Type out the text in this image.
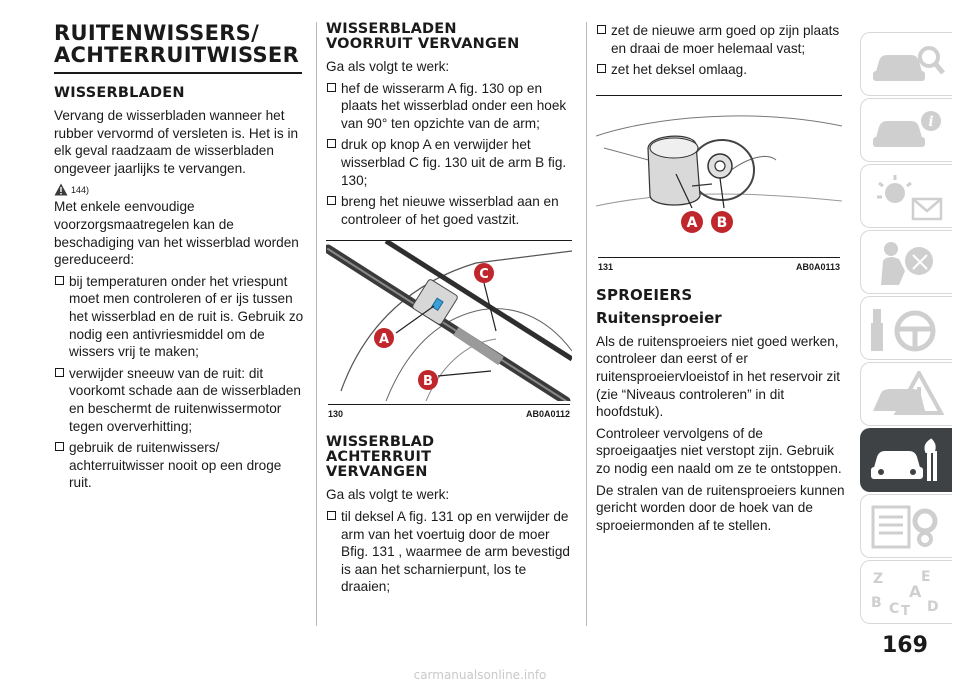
RUITENWISSERS/
ACHTERRUITWISSER
WISSERBLADEN

Vervang de wisserbladen wanneer het rubber vervormd of versleten is. Het is in elk geval raadzaam de wisserbladen ongeveer jaarlijks te vervangen.

144)

Met enkele eenvoudige voorzorgsmaatregelen kan de beschadiging van het wisserblad worden gereduceerd:

bij temperaturen onder het vriespunt moet men controleren of er ijs tussen het wisserblad en de ruit is. Gebruik zo nodig een antivriesmiddel om de wissers vrij te maken;
verwijder sneeuw van de ruit: dit voorkomt schade aan de wisserbladen en beschermt de ruitenwissermotor tegen oververhitting;
gebruik de ruitenwissers/ achterruitwisser nooit op een droge ruit.
WISSERBLADEN
VOORRUIT VERVANGEN

Ga als volgt te werk:

hef de wisserarm A fig. 130 op en plaats het wisserblad onder een hoek van 90° ten opzichte van de arm;
druk op knop A en verwijder het wisserblad C fig. 130 uit de arm B fig. 130;
breng het nieuwe wisserblad aan en controleer of het goed vastzit.
A
B
C
130	AB0A0112
WISSERBLAD
ACHTERRUIT
VERVANGEN

Ga als volgt te werk:

til deksel A fig. 131 op en verwijder de arm van het voertuig door de moer Bfig. 131 , waarmee de arm bevestigd is aan het scharnierpunt, los te draaien;
zet de nieuwe arm goed op zijn plaats en draai de moer helemaal vast;
zet het deksel omlaag.
A B
131	AB0A0113
SPROEIERS
Ruitensproeier

Als de ruitensproeiers niet goed werken, controleer dan eerst of er ruitensproeiervloeistof in het reservoir zit (zie “Niveaus controleren” in dit hoofdstuk).

Controleer vervolgens of de sproeigaatjes niet verstopt zijn. Gebruik zo nodig een naald om ze te ontstoppen.

De stralen van de ruitensproeiers kunnen gericht worden door de hoek van de sproeiermonden af te stellen.

i
Z	E
A
B C T D
169
carmanualsonline.info
